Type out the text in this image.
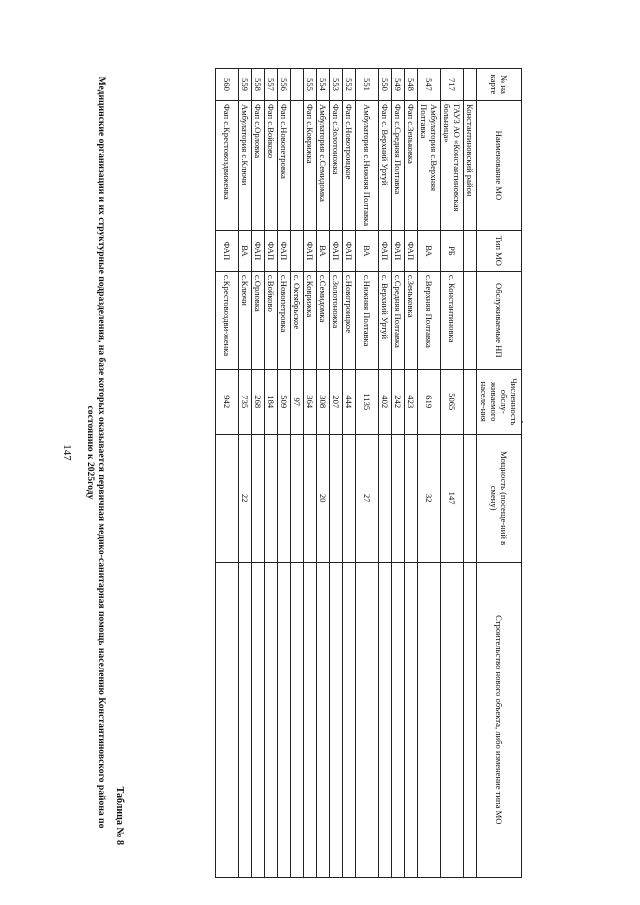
147	Медицинские организации и их структурные подразделения, на базе которых оказывается первичная медико-санитарная помощь населению Константиновского района по состоянию к 2025году
Таблица № 8
№ на карте	Наименование МО	Тип МО	Обслуживаемые НП	Численность обслу-живаемого населе-ния	Мощность (посеще-ний в смену)	Строительство нового объекта, либо изменение типа МО
	Константиновский район					
717	ГАУЗ АО «Константиновская больница»	РБ	с. Константиновка	5065	147	
547	Амбулатория с.Верхняя Полтавка	ВА	с.Верхняя Полтавка	619	32	
548	Фап с.Зеньковка	ФАП	с.Зеньковка	423		
549	Фап с.Средняя Полтавка	ФАП	с.Средняя Полтавка	242		
550	Фап с. Верхний Уртуй	ФАП	с. Верхний Уртуй	402		
551	Амбулатория с.Нижняя Полтавка	ВА	с.Нижняя Полтавка	1135	27	
552	Фап с.Новотроицкое	ФАП	с.Новотроицкое	444		
553	Фап с.Золотоножка	ФАП	с.Золотоножка	207		
554	Амбулатория с.Семидомка	ВА	с.Семидомка	308	20	
555	Фап с.Коврижка	ФАП	с.Коврижка	364		
			с. Октябрьское	97		
556	Фап с.Новопетровка	ФАП	с.Новопетровка	509		
557	Фап с.Войково	ФАП	с.Войково	184		
558	Фап с.Орловка	ФАП	с.Орловка	268		
559	Амбулатория с.Ключи	ВА	с.Ключи	735	22	
560	Фап с.Крестовоздвиженка	ФАП	с.Крестовоздви-женка	942		
